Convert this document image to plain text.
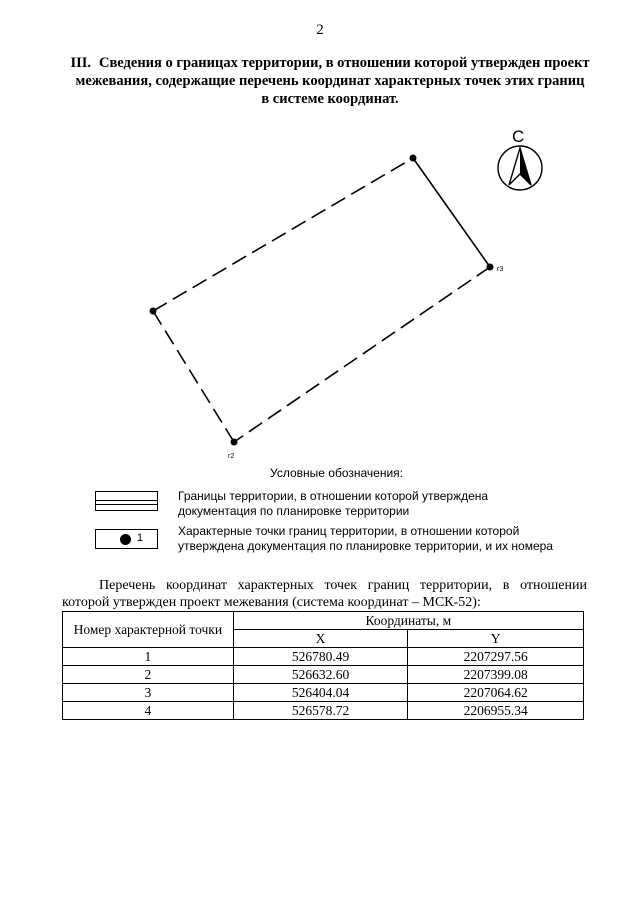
2
III. Сведения о границах территории, в отношении которой утвержден проект межевания, содержащие перечень координат характерных точек этих границ в системе координат.
г3
г2
С
Условные обозначения:
Границы территории, в отношении которой утверждена документация по планировке территории
1	Характерные точки границ территории, в отношении которой утверждена документация по планировке территории, и их номера
Перечень координат характерных точек границ территории, в отношении которой утвержден проект межевания (система координат – МСК-52):
Номер характерной точки	Координаты, м	
	X	Y
1	526780.49	2207297.56
2	526632.60	2207399.08
3	526404.04	2207064.62
4	526578.72	2206955.34
